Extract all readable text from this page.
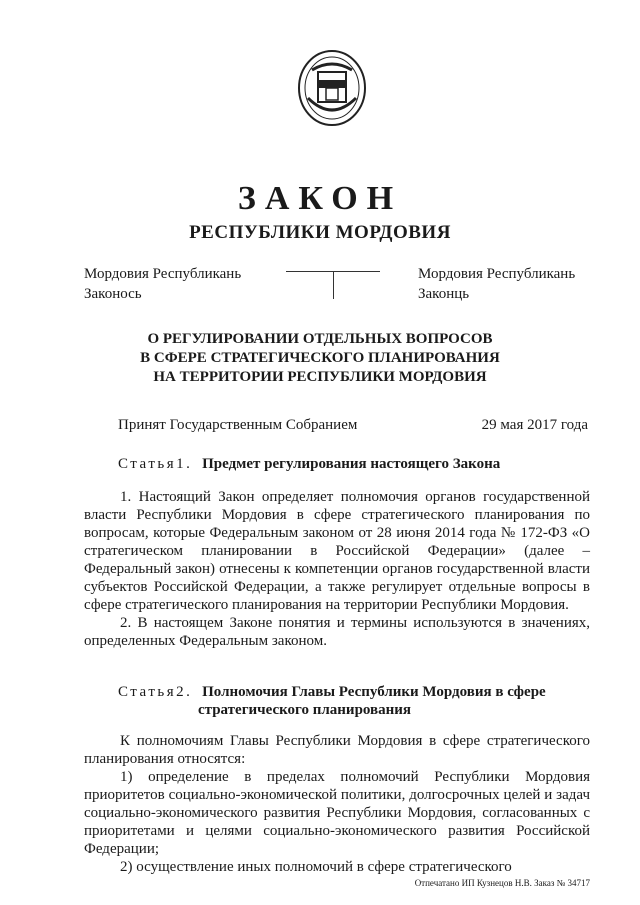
ЗАКОН
РЕСПУБЛИКИ МОРДОВИЯ
Мордовия Республикань
Законось
Мордовия Республикань
Законць
О РЕГУЛИРОВАНИИ ОТДЕЛЬНЫХ ВОПРОСОВ
В СФЕРЕ СТРАТЕГИЧЕСКОГО ПЛАНИРОВАНИЯ
НА ТЕРРИТОРИИ РЕСПУБЛИКИ МОРДОВИЯ
Принят Государственным Собранием	29 мая 2017 года
Статья1. Предмет регулирования настоящего Закона

1. Настоящий Закон определяет полномочия органов государственной власти Республики Мордовия в сфере стратегического планирования по вопросам, которые Федеральным законом от 28 июня 2014 года № 172-ФЗ «О стратегическом планировании в Российской Федерации» (далее – Федеральный закон) отнесены к компетенции органов государственной власти субъектов Российской Федерации, а также регулирует отдельные вопросы в сфере стратегического планирования на территории Республики Мордовия.

2. В настоящем Законе понятия и термины используются в значениях, определенных Федеральным законом.

Статья2. Полномочия Главы Республики Мордовия в сфере
стратегического планирования

К полномочиям Главы Республики Мордовия в сфере стратегического планирования относятся:

1) определение в пределах полномочий Республики Мордовия приоритетов социально-экономической политики, долгосрочных целей и задач социально-экономического развития Республики Мордовия, согласованных с приоритетами и целями социально-экономического развития Российской Федерации;

2) осуществление иных полномочий в сфере стратегического

Отпечатано ИП Кузнецов Н.В. Заказ № 34717
